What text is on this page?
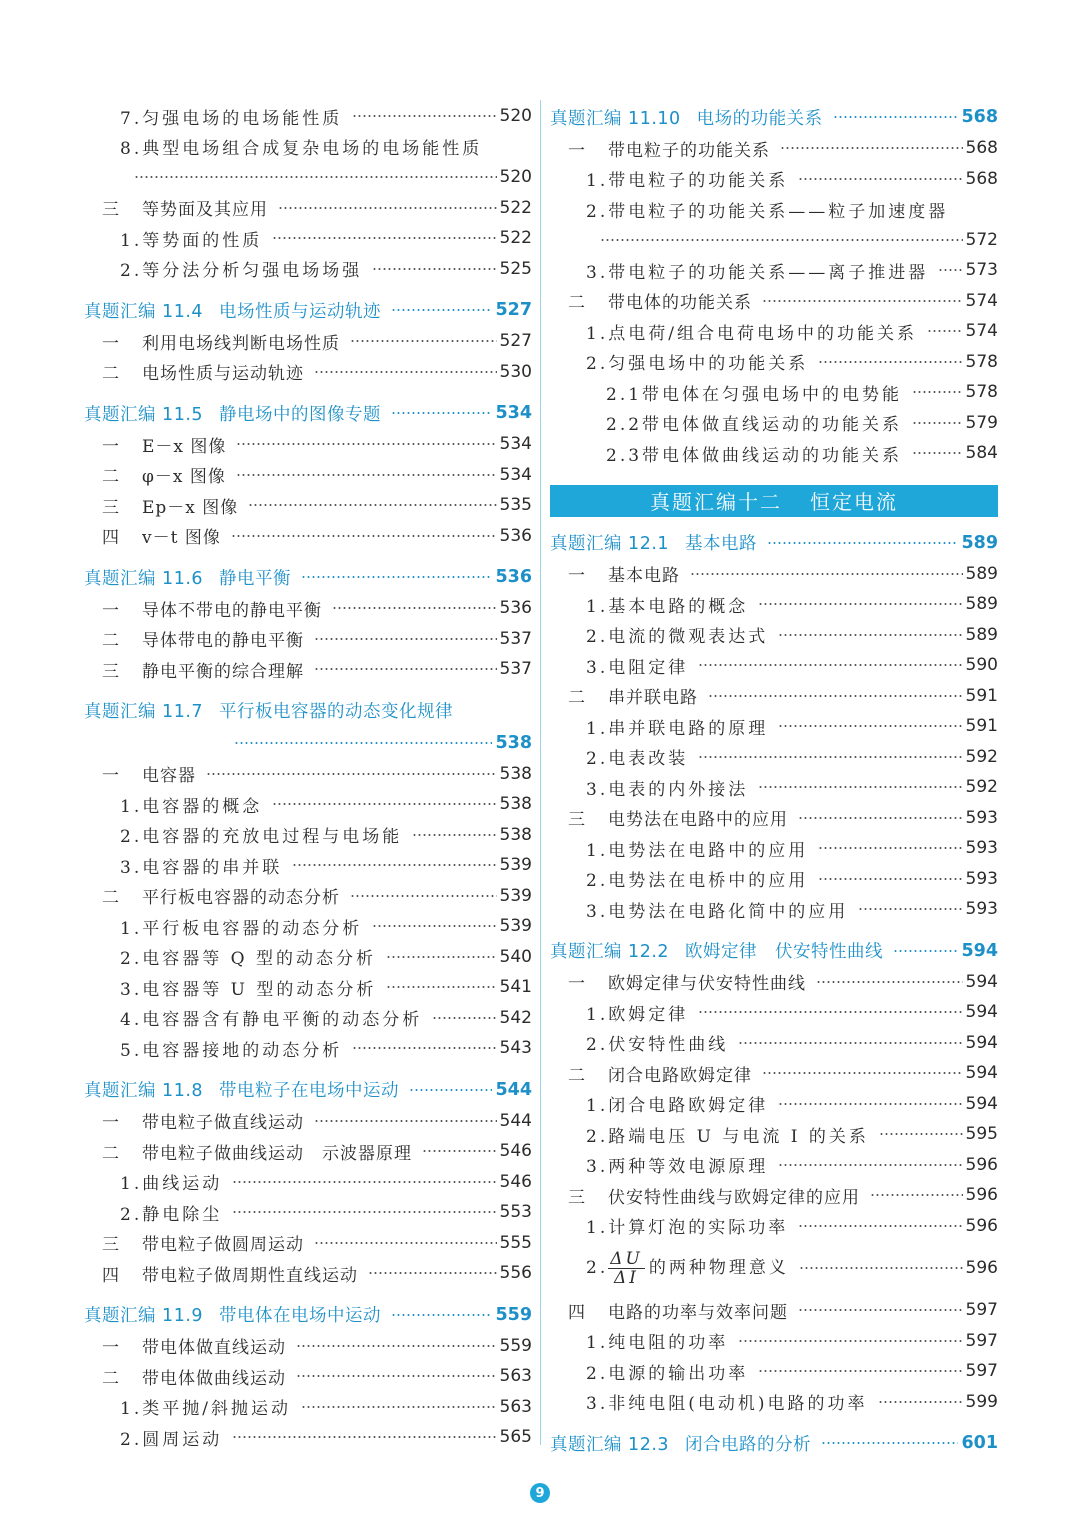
7.匀强电场的电场能性质	520
8.典型电场组合成复杂电场的电场能性质
520
三 等势面及其应用	522
1.等势面的性质	522
2.等分法分析匀强电场场强	525
真题汇编 11.4 电场性质与运动轨迹	527
一 利用电场线判断电场性质	527
二 电场性质与运动轨迹	530
真题汇编 11.5 静电场中的图像专题	534
一 E－x 图像	534
二 φ－x 图像	534
三 Ep－x 图像	535
四 v－t 图像	536
真题汇编 11.6 静电平衡	536
一 导体不带电的静电平衡	536
二 导体带电的静电平衡	537
三 静电平衡的综合理解	537
真题汇编 11.7 平行板电容器的动态变化规律
538
一 电容器	538
1.电容器的概念	538
2.电容器的充放电过程与电场能	538
3.电容器的串并联	539
二 平行板电容器的动态分析	539
1.平行板电容器的动态分析	539
2.电容器等 Q 型的动态分析	540
3.电容器等 U 型的动态分析	541
4.电容器含有静电平衡的动态分析	542
5.电容器接地的动态分析	543
真题汇编 11.8 带电粒子在电场中运动	544
一 带电粒子做直线运动	544
二 带电粒子做曲线运动　示波器原理	546
1.曲线运动	546
2.静电除尘	553
三 带电粒子做圆周运动	555
四 带电粒子做周期性直线运动	556
真题汇编 11.9 带电体在电场中运动	559
一 带电体做直线运动	559
二 带电体做曲线运动	563
1.类平抛/斜抛运动	563
2.圆周运动	565
真题汇编 11.10 电场的功能关系	568
一 带电粒子的功能关系	568
1.带电粒子的功能关系	568
2.带电粒子的功能关系——粒子加速度器
572
3.带电粒子的功能关系——离子推进器 573
二 带电体的功能关系	574
1.点电荷/组合电荷电场中的功能关系	574
2.匀强电场中的功能关系	578
2.1带电体在匀强电场中的电势能	578
2.2带电体做直线运动的功能关系	579
2.3带电体做曲线运动的功能关系	584
真题汇编十二 恒定电流
真题汇编 12.1 基本电路	589
一 基本电路	589
1.基本电路的概念	589
2.电流的微观表达式	589
3.电阻定律	590
二 串并联电路	591
1.串并联电路的原理	591
2.电表改装	592
3.电表的内外接法	592
三 电势法在电路中的应用	593
1.电势法在电路中的应用	593
2.电势法在电桥中的应用	593
3.电势法在电路化简中的应用	593
真题汇编 12.2 欧姆定律　伏安特性曲线	594
一 欧姆定律与伏安特性曲线	594
1.欧姆定律	594
2.伏安特性曲线	594
二 闭合电路欧姆定律	594
1.闭合电路欧姆定律	594
2.路端电压 U 与电流 I 的关系	595
3.两种等效电源原理	596
三 伏安特性曲线与欧姆定律的应用	596
1.计算灯泡的实际功率	596
2. $\frac{\Delta U}{\Delta I}$ 的两种物理意义	596
四 电路的功率与效率问题	597
1.纯电阻的功率	597
2.电源的输出功率	597
3.非纯电阻(电动机)电路的功率	599
真题汇编 12.3 闭合电路的分析	601
9
